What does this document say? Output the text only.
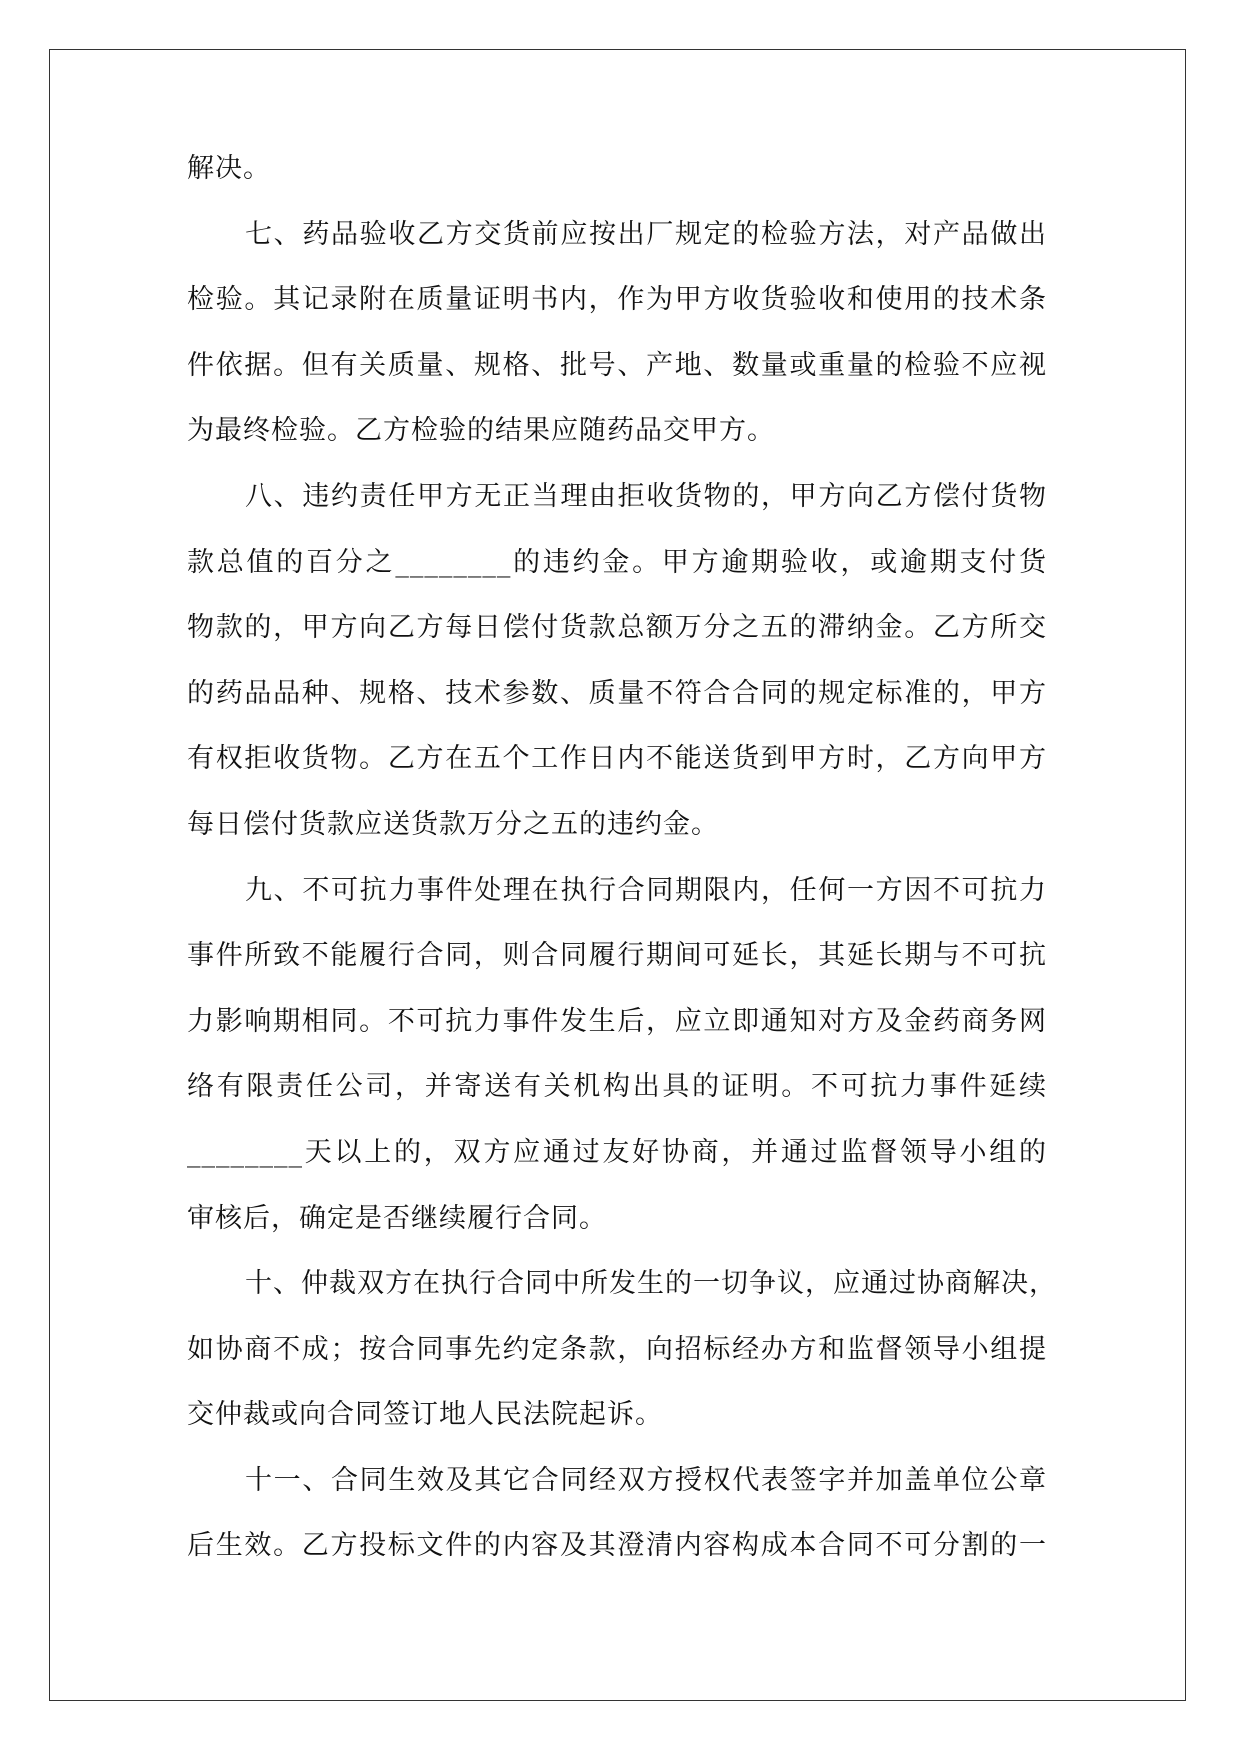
解决。
七、药品验收乙方交货前应按出厂规定的检验方法，对产品做出
检验。其记录附在质量证明书内，作为甲方收货验收和使用的技术条
件依据。但有关质量、规格、批号、产地、数量或重量的检验不应视
为最终检验。乙方检验的结果应随药品交甲方。
八、违约责任甲方无正当理由拒收货物的，甲方向乙方偿付货物
款总值的百分之________的违约金。甲方逾期验收，或逾期支付货
物款的，甲方向乙方每日偿付货款总额万分之五的滞纳金。乙方所交
的药品品种、规格、技术参数、质量不符合合同的规定标准的，甲方
有权拒收货物。乙方在五个工作日内不能送货到甲方时，乙方向甲方
每日偿付货款应送货款万分之五的违约金。
九、不可抗力事件处理在执行合同期限内，任何一方因不可抗力
事件所致不能履行合同，则合同履行期间可延长，其延长期与不可抗
力影响期相同。不可抗力事件发生后，应立即通知对方及金药商务网
络有限责任公司，并寄送有关机构出具的证明。不可抗力事件延续
________天以上的，双方应通过友好协商，并通过监督领导小组的
审核后，确定是否继续履行合同。
十、仲裁双方在执行合同中所发生的一切争议，应通过协商解决，
如协商不成；按合同事先约定条款，向招标经办方和监督领导小组提
交仲裁或向合同签订地人民法院起诉。
十一、合同生效及其它合同经双方授权代表签字并加盖单位公章
后生效。乙方投标文件的内容及其澄清内容构成本合同不可分割的一
